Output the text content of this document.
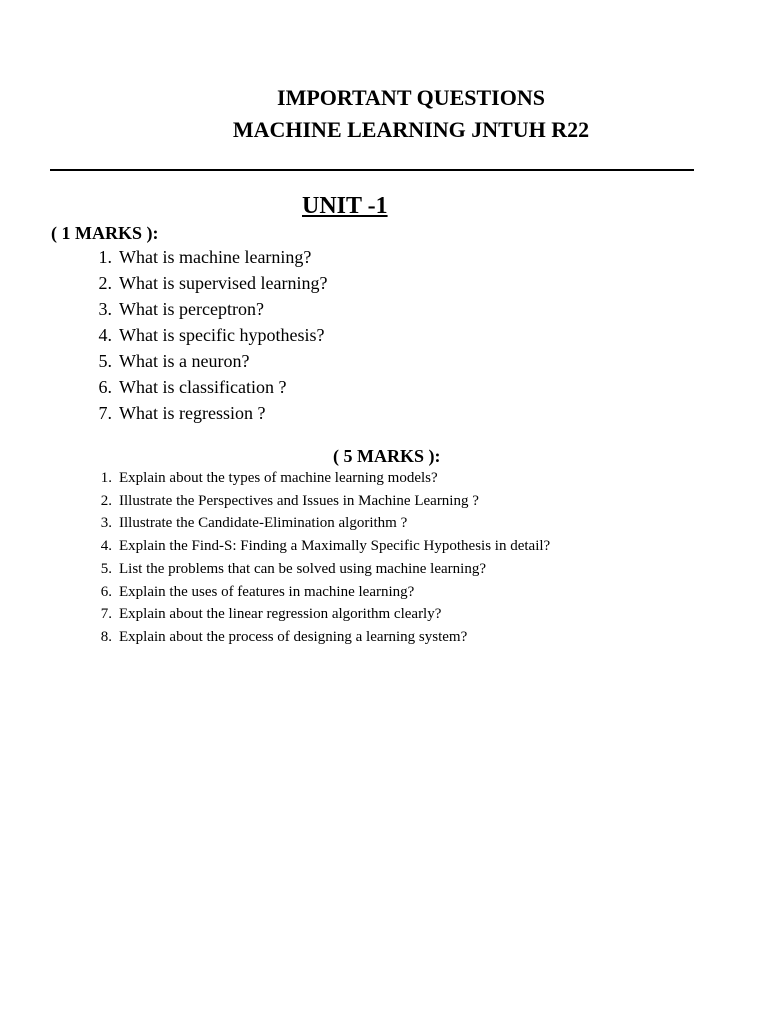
IMPORTANT QUESTIONS
MACHINE LEARNING JNTUH R22
UNIT -1
( 1 MARKS ):
1. What is machine learning?
2. What is supervised learning?
3. What is perceptron?
4. What is specific hypothesis?
5. What is a neuron?
6. What is classification ?
7. What is regression ?
( 5 MARKS ):
1. Explain about the types of machine learning models?
2. Illustrate the Perspectives and Issues in Machine Learning ?
3. Illustrate the Candidate-Elimination algorithm ?
4. Explain the Find-S: Finding a Maximally Specific Hypothesis in detail?
5. List the problems that can be solved using machine learning?
6. Explain the uses of features in machine learning?
7. Explain about the linear regression algorithm clearly?
8. Explain about the process of designing a learning system?
